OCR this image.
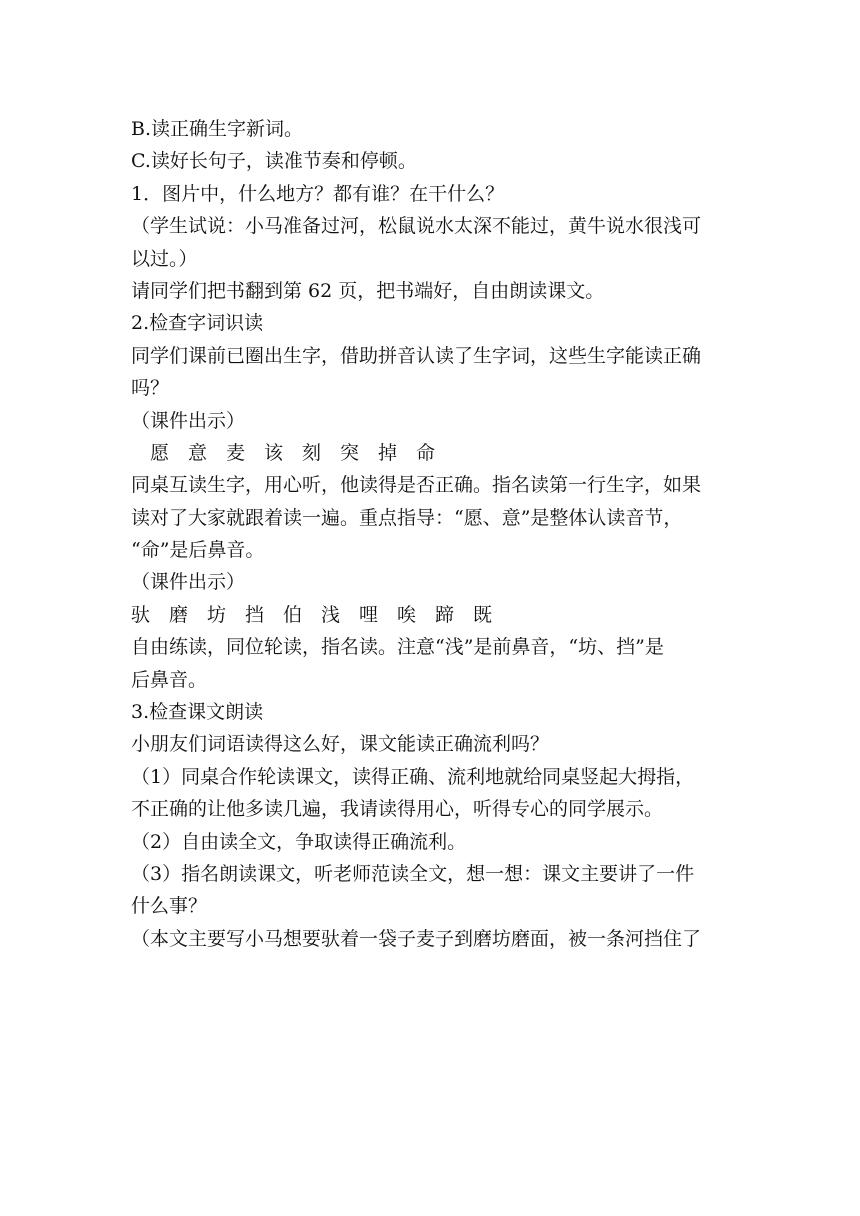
B.读正确生字新词。
C.读好长句子，读准节奏和停顿。
1．图片中，什么地方？都有谁？在干什么？
（学生试说：小马准备过河，松鼠说水太深不能过，黄牛说水很浅可
以过。）
请同学们把书翻到第 62 页，把书端好，自由朗读课文。
2.检查字词识读
同学们课前已圈出生字，借助拼音认读了生字词，这些生字能读正确
吗？
（课件出示）
愿 意 麦 该 刻 突 掉 命
同桌互读生字，用心听，他读得是否正确。指名读第一行生字，如果
读对了大家就跟着读一遍。重点指导：“愿、意”是整体认读音节，
“命”是后鼻音。
（课件出示）
驮 磨 坊 挡 伯 浅 哩 唉 蹄 既
自由练读，同位轮读，指名读。注意“浅”是前鼻音，“坊、挡”是
后鼻音。
3.检查课文朗读
小朋友们词语读得这么好，课文能读正确流利吗？
（1）同桌合作轮读课文，读得正确、流利地就给同桌竖起大拇指，
不正确的让他多读几遍，我请读得用心，听得专心的同学展示。
（2）自由读全文，争取读得正确流利。
（3）指名朗读课文，听老师范读全文，想一想：课文主要讲了一件
什么事？
（本文主要写小马想要驮着一袋子麦子到磨坊磨面，被一条河挡住了
